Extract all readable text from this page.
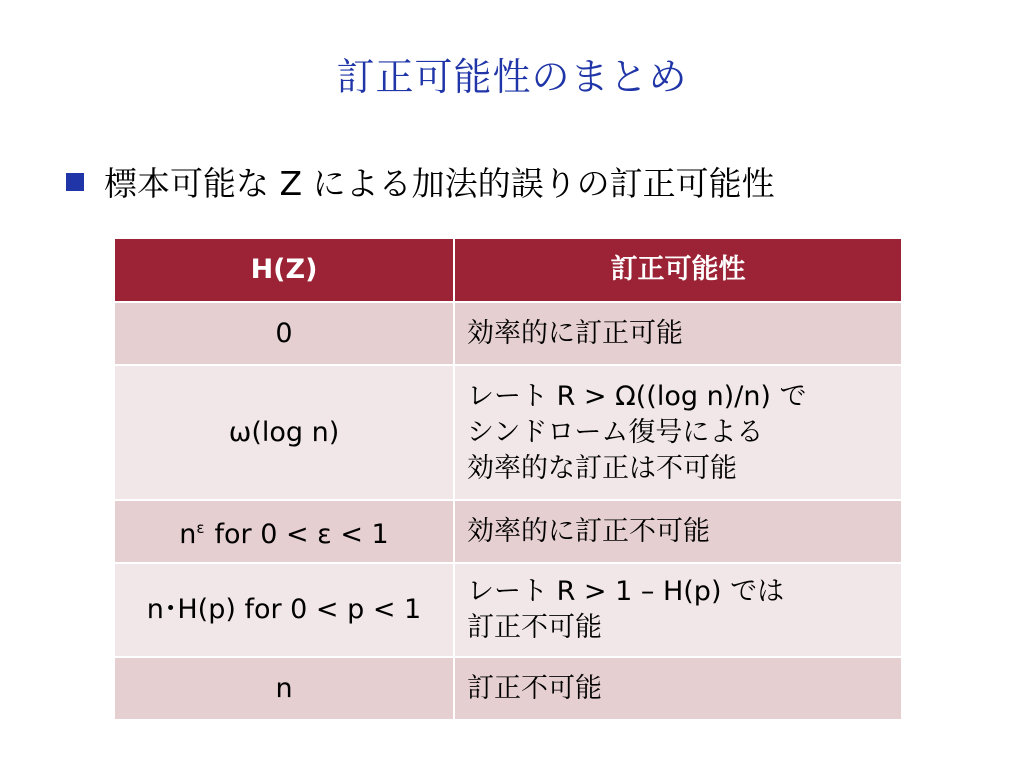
訂正可能性のまとめ
標本可能な Z による加法的誤りの訂正可能性
H(Z)	訂正可能性
0	効率的に訂正可能

ω(log n)	レート R > Ω((log n)/n) で
シンドローム復号による
効率的な訂正は不可能

$n^\varepsilon$ for 0 < ε < 1	効率的に訂正不可能

n･H(p) for 0 < p < 1	レート R > 1 – H(p) では
訂正不可能

n	訂正不可能
